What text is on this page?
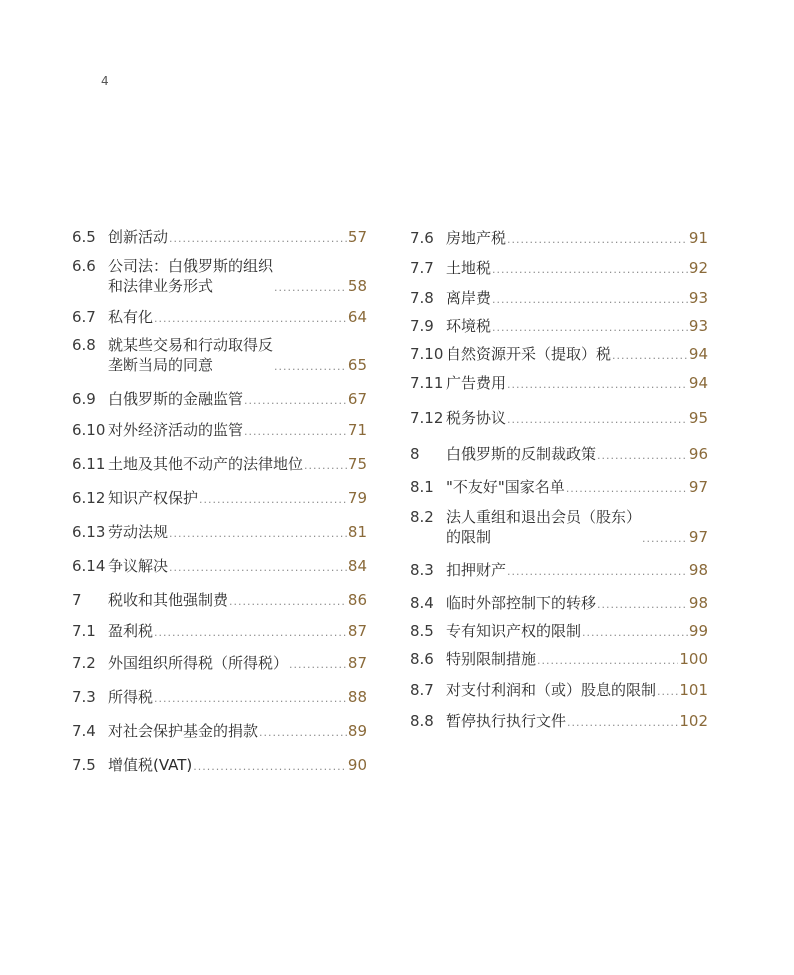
4
6.5 创新活动 .....	57
6.6 公司法：白俄罗斯的组织
和法律业务形式 .....	58
6.7 私有化 .....	64
6.8 就某些交易和行动取得反
垄断当局的同意 .....	65
6.9 白俄罗斯的金融监管 .....	67
6.10 对外经济活动的监管 .....	71
6.11 土地及其他不动产的法律地位 .....	75
6.12 知识产权保护 .....	79
6.13 劳动法规 .....	81
6.14 争议解决 .....	84
7	税收和其他强制费 .....	86
7.1 盈利税 .....	87
7.2 外国组织所得税（所得税） .....	87
7.3 所得税 .....	88
7.4 对社会保护基金的捐款 .....	89
7.5 增值税(VAT) .....	90
7.6 房地产税 .....	91
7.7 土地税 .....	92
7.8 离岸费 .....	93
7.9 环境税 .....	93
7.10 自然资源开采（提取）税 .....	94
7.11 广告费用 .....	94
7.12 税务协议 .....	95
8	白俄罗斯的反制裁政策 .....	96
8.1 "不友好"国家名单 .....	97
8.2 法人重组和退出会员（股东）
的限制 .....	97
8.3 扣押财产 .....	98
8.4 临时外部控制下的转移 .....	98
8.5 专有知识产权的限制 .....	99
8.6 特别限制措施 .....	100
8.7 对支付利润和（或）股息的限制 ..... 101
8.8 暂停执行执行文件 .....	102
